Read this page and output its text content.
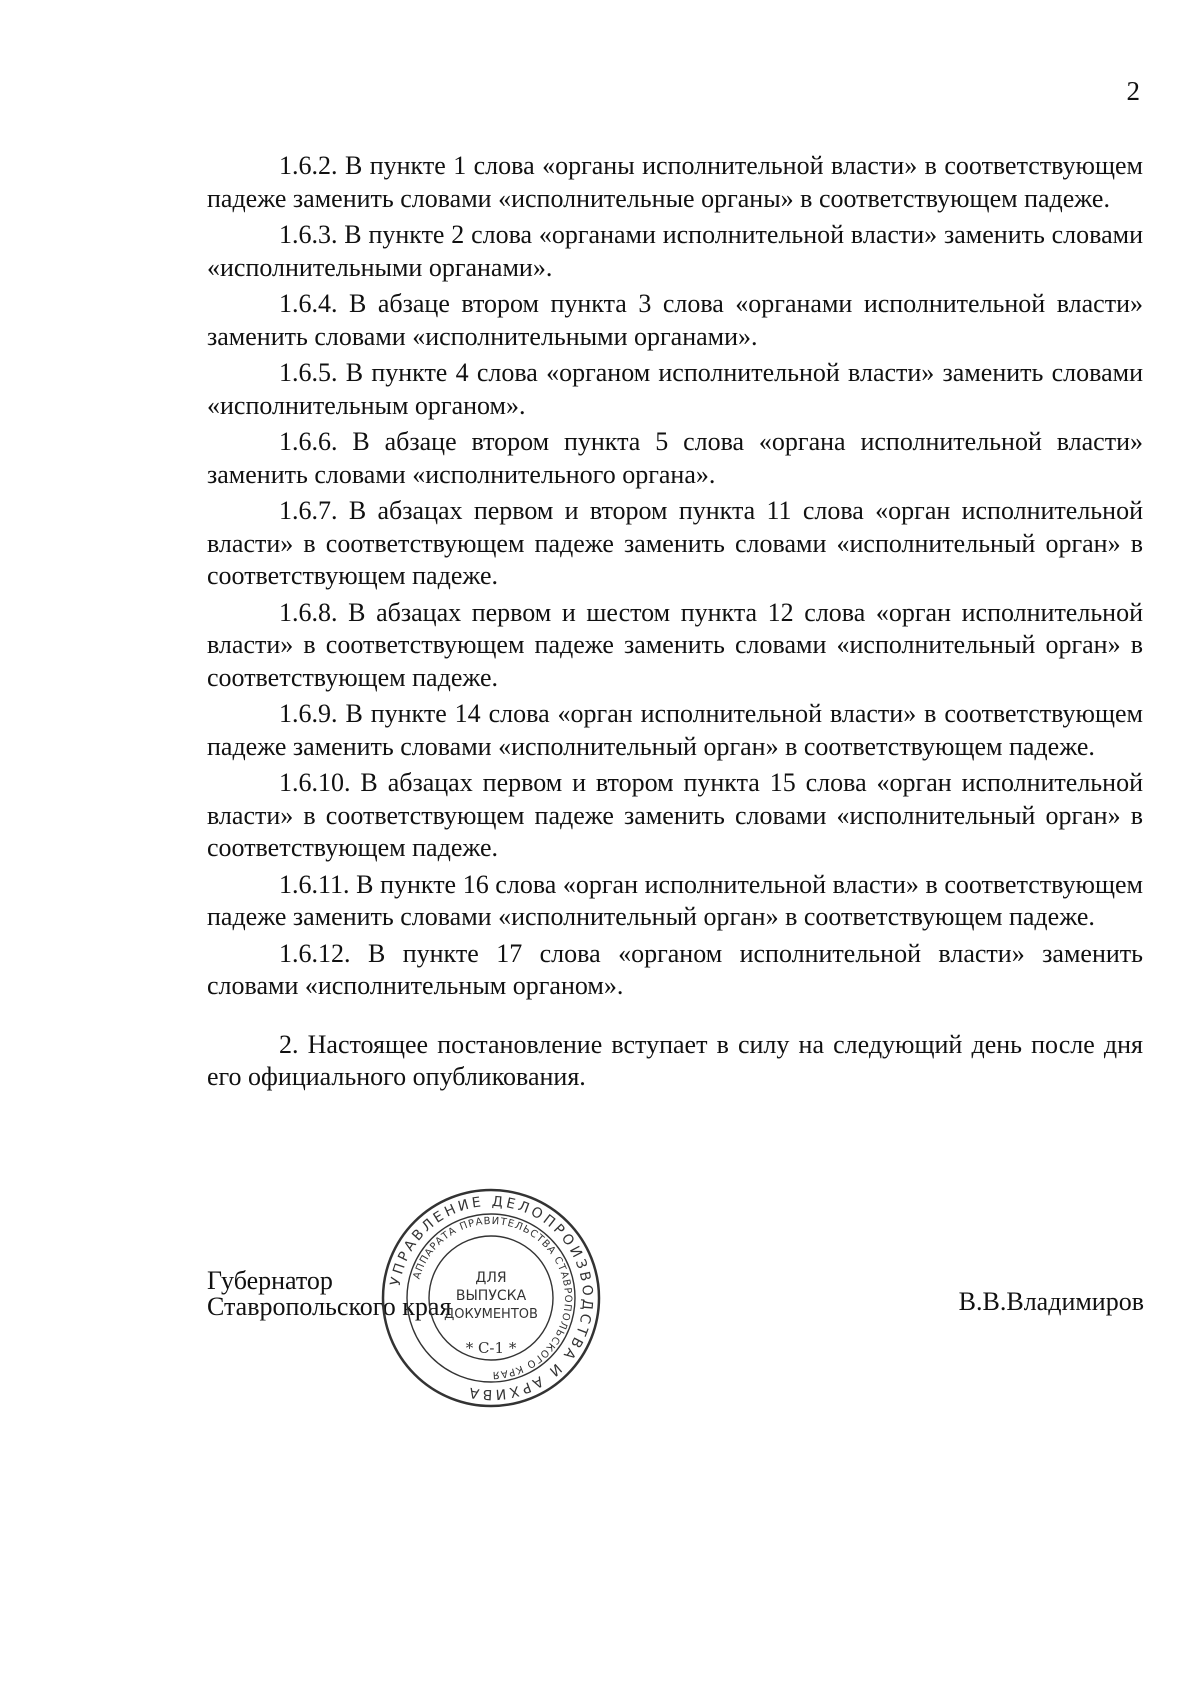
2

1.6.2. В пункте 1 слова «органы исполнительной власти» в соответствующем падеже заменить словами «исполнительные органы» в соответствующем падеже.

1.6.3. В пункте 2 слова «органами исполнительной власти» заменить словами «исполнительными органами».

1.6.4. В абзаце втором пункта 3 слова «органами исполнительной власти» заменить словами «исполнительными органами».

1.6.5. В пункте 4 слова «органом исполнительной власти» заменить словами «исполнительным органом».

1.6.6. В абзаце втором пункта 5 слова «органа исполнительной власти» заменить словами «исполнительного органа».

1.6.7. В абзацах первом и втором пункта 11 слова «орган исполнительной власти» в соответствующем падеже заменить словами «исполнительный орган» в соответствующем падеже.

1.6.8. В абзацах первом и шестом пункта 12 слова «орган исполнительной власти» в соответствующем падеже заменить словами «исполнительный орган» в соответствующем падеже.

1.6.9. В пункте 14 слова «орган исполнительной власти» в соответствующем падеже заменить словами «исполнительный орган» в соответствующем падеже.

1.6.10. В абзацах первом и втором пункта 15 слова «орган исполнительной власти» в соответствующем падеже заменить словами «исполнительный орган» в соответствующем падеже.

1.6.11. В пункте 16 слова «орган исполнительной власти» в соответствующем падеже заменить словами «исполнительный орган» в соответствующем падеже.

1.6.12. В пункте 17 слова «органом исполнительной власти» заменить словами «исполнительным органом».

2. Настоящее постановление вступает в силу на следующий день после дня его официального опубликования.

Губернатор
Ставропольского края	В.В.Владимиров
УПРАВЛЕНИЕ ДЕЛОПРОИЗВОДСТВА И АРХИВА
АППАРАТА ПРАВИТЕЛЬСТВА СТАВРОПОЛЬСКОГО КРАЯ
ДЛЯ
ВЫПУСКА
ДОКУМЕНТОВ
* С-1 *
